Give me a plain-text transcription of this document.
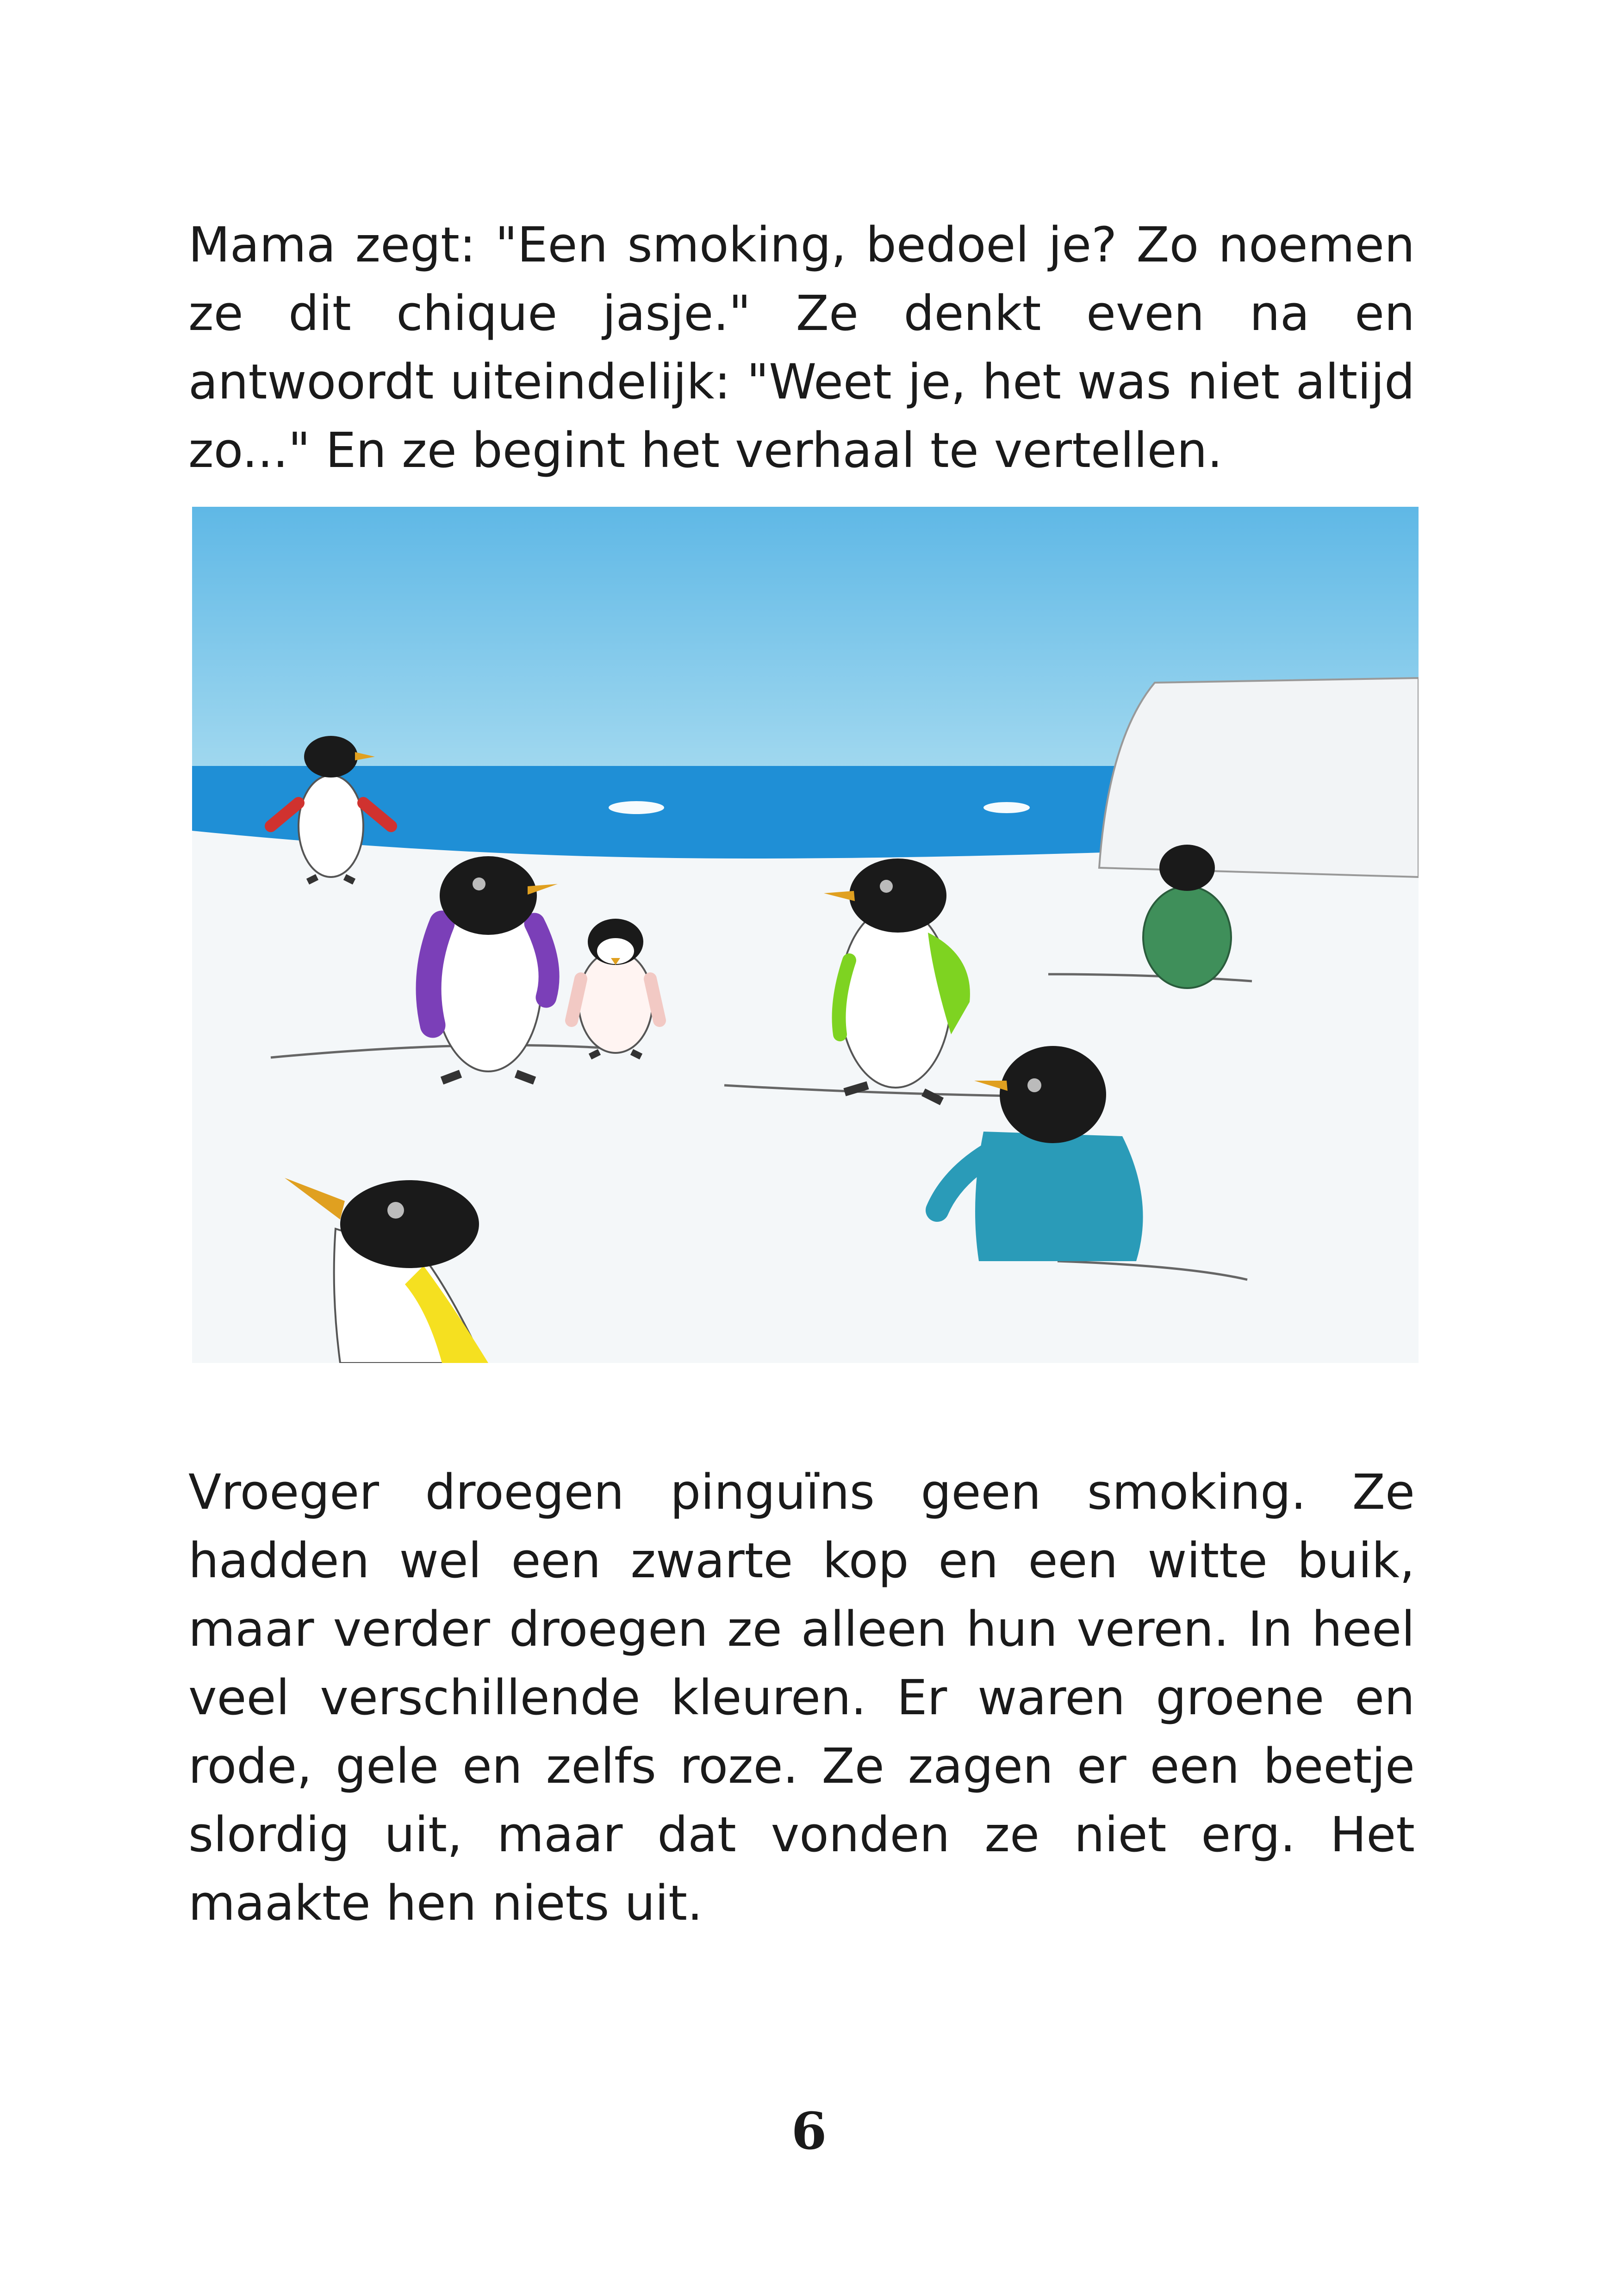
Mama zegt: "Een smoking, bedoel je? Zo noemen ze dit chique jasje." Ze denkt even na en antwoordt uiteindelijk: "Weet je, het was niet altijd zo..." En ze begint het verhaal te vertellen.

Vroeger droegen pinguïns geen smoking. Ze hadden wel een zwarte kop en een witte buik, maar verder droegen ze alleen hun veren. In heel veel verschillende kleuren. Er waren groene en rode, gele en zelfs roze. Ze zagen er een beetje slordig uit, maar dat vonden ze niet erg. Het maakte hen niets uit.

6
